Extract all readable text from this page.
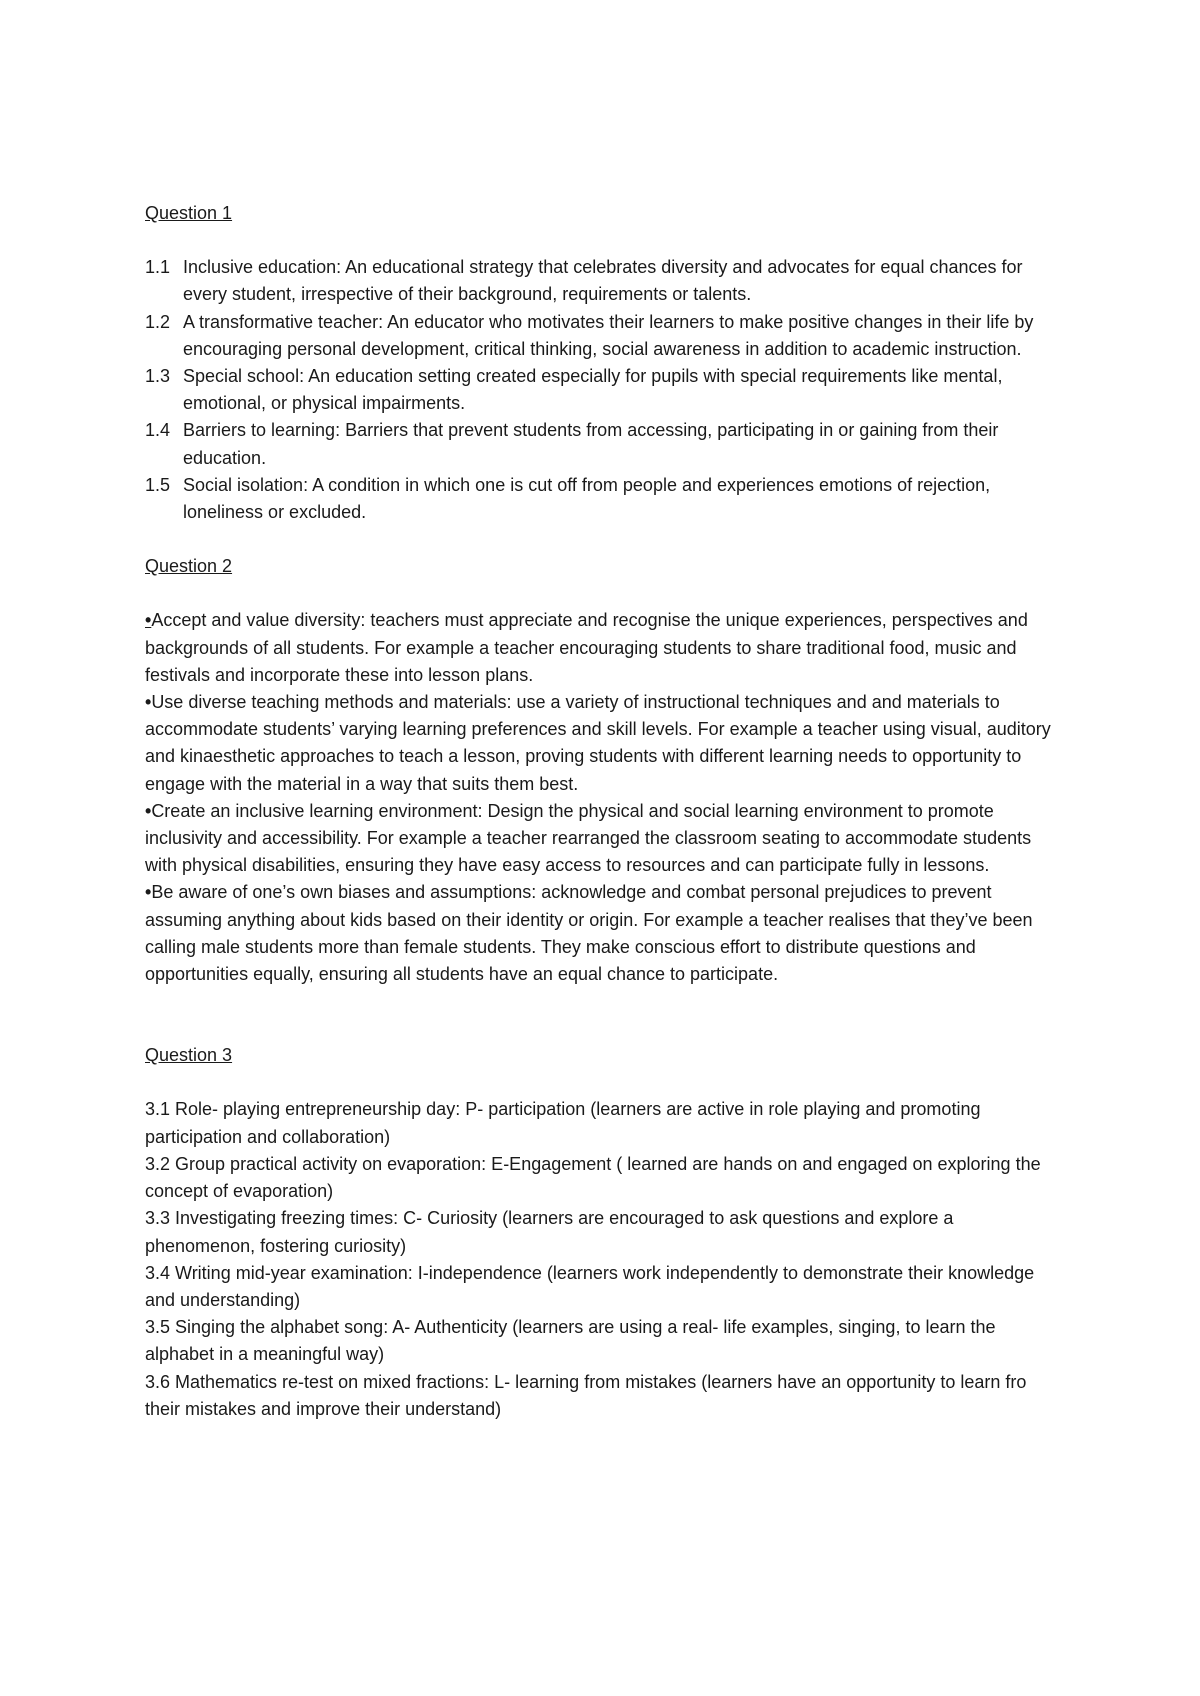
Question 1

1.1 Inclusive education: An educational strategy that celebrates diversity and advocates for equal chances for every student, irrespective of their background, requirements or talents.
1.2 A transformative teacher: An educator who motivates their learners to make positive changes in their life by encouraging personal development, critical thinking, social awareness in addition to academic instruction.
1.3 Special school: An education setting created especially for pupils with special requirements like mental, emotional, or physical impairments.
1.4 Barriers to learning: Barriers that prevent students from accessing, participating in or gaining from their education.
1.5 Social isolation: A condition in which one is cut off from people and experiences emotions of rejection, loneliness or excluded.

Question 2

•Accept and value diversity: teachers must appreciate and recognise the unique experiences, perspectives and backgrounds of all students. For example a teacher encouraging students to share traditional food, music and festivals and incorporate these into lesson plans.

•Use diverse teaching methods and materials: use a variety of instructional techniques and and materials to accommodate students’ varying learning preferences and skill levels. For example a teacher using visual, auditory and kinaesthetic approaches to teach a lesson, proving students with different learning needs to opportunity to engage with the material in a way that suits them best.

•Create an inclusive learning environment: Design the physical and social learning environment to promote inclusivity and accessibility. For example a teacher rearranged the classroom seating to accommodate students with physical disabilities, ensuring they have easy access to resources and can participate fully in lessons.

•Be aware of one’s own biases and assumptions: acknowledge and combat personal prejudices to prevent assuming anything about kids based on their identity or origin. For example a teacher realises that they’ve been calling male students more than female students. They make conscious effort to distribute questions and opportunities equally, ensuring all students have an equal chance to participate.

Question 3

3.1 Role- playing entrepreneurship day: P- participation (learners are active in role playing and promoting participation and collaboration)

3.2 Group practical activity on evaporation: E-Engagement ( learned are hands on and engaged on exploring the concept of evaporation)

3.3 Investigating freezing times: C- Curiosity (learners are encouraged to ask questions and explore a phenomenon, fostering curiosity)

3.4 Writing mid-year examination: I-independence (learners work independently to demonstrate their knowledge and understanding)

3.5 Singing the alphabet song: A- Authenticity (learners are using a real- life examples, singing, to learn the alphabet in a meaningful way)

3.6 Mathematics re-test on mixed fractions: L- learning from mistakes (learners have an opportunity to learn fro their mistakes and improve their understand)
